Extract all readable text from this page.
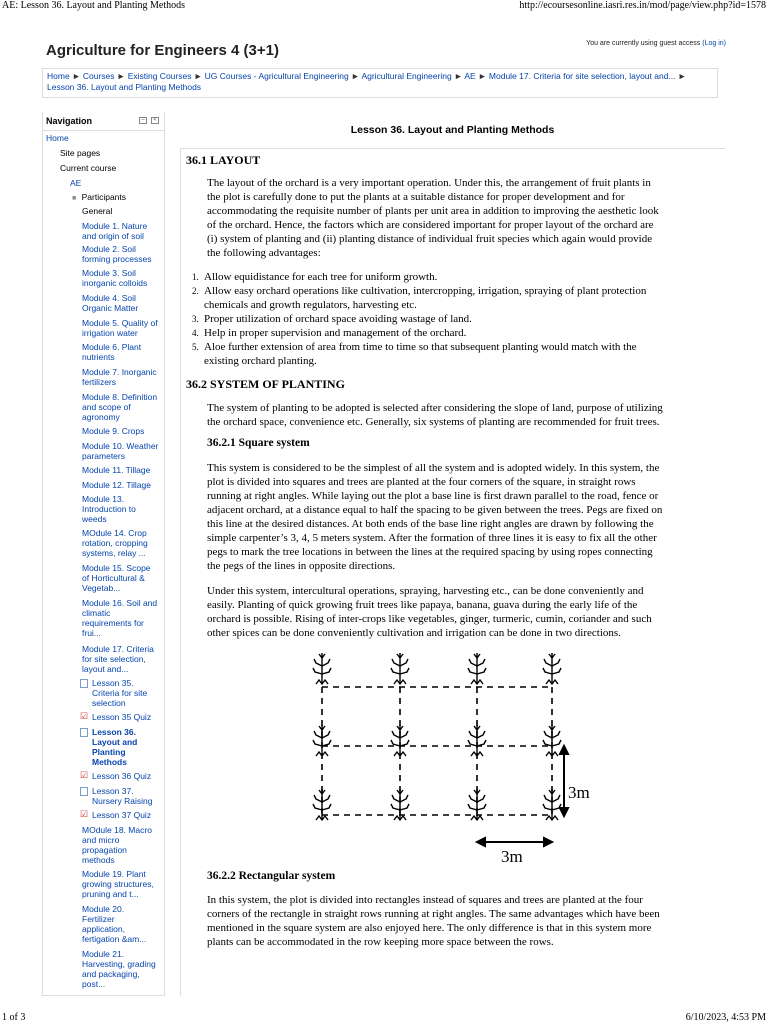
AE: Lesson 36. Layout and Planting Methods	http://ecoursesonline.iasri.res.in/mod/page/view.php?id=1578
1 of 3	6/10/2023, 4:53 PM
Agriculture for Engineers 4 (3+1)	You are currently using guest access (Log in)
Home ► Courses ► Existing Courses ► UG Courses - Agricultural Engineering ► Agricultural Engineering ► AE ► Module 17. Criteria for site selection, layout and... ►
Lesson 36. Layout and Planting Methods
Navigation	–	<
Home
Site pages
Current course
AE
■ Participants
General
Module 1. Nature
and origin of soil
Module 2. Soil
forming processes
Module 3. Soil
inorganic colloids
Module 4. Soil
Organic Matter
Module 5. Quality of
irrigation water
Module 6. Plant
nutrients
Module 7. Inorganic
fertilizers
Module 8. Definition
and scope of
agronomy
Module 9. Crops
Module 10. Weather
parameters
Module 11. Tillage
Module 12. Tillage
Module 13.
Introduction to
weeds
MOdule 14. Crop
rotation, cropping
systems, relay ...
Module 15. Scope
of Horticultural &
Vegetab...
Module 16. Soil and
climatic
requirements for
frui...
Module 17. Criteria
for site selection,
layout and...
Lesson 35.
Criteria for site
selection
☑ Lesson 35 Quiz
Lesson 36.
Layout and
Planting
Methods
☑ Lesson 36 Quiz
Lesson 37.
Nursery Raising
☑ Lesson 37 Quiz
MOdule 18. Macro
and micro
propagation
methods
Module 19. Plant
growing structures,
pruning and t...
Module 20.
Fertilizer
application,
fertigation &am...
Module 21.
Harvesting, grading
and packaging,
post...
Lesson 36. Layout and Planting Methods
36.1 LAYOUT
The layout of the orchard is a very important operation. Under this, the arrangement of fruit plants in
the plot is carefully done to put the plants at a suitable distance for proper development and for
accommodating the requisite number of plants per unit area in addition to improving the aesthetic look
of the orchard. Hence, the factors which are considered important for proper layout of the orchard are
(i) system of planting and (ii) planting distance of individual fruit species which again would provide
the following advantages:
1. Allow equidistance for each tree for uniform growth.
2. Allow easy orchard operations like cultivation, intercropping, irrigation, spraying of plant protection
chemicals and growth regulators, harvesting etc.
3. Proper utilization of orchard space avoiding wastage of land.
4. Help in proper supervision and management of the orchard.
5. Aloe further extension of area from time to time so that subsequent planting would match with the
existing orchard planting.
36.2 SYSTEM OF PLANTING
The system of planting to be adopted is selected after considering the slope of land, purpose of utilizing
the orchard space, convenience etc. Generally, six systems of planting are recommended for fruit trees.
36.2.1 Square system
This system is considered to be the simplest of all the system and is adopted widely. In this system, the
plot is divided into squares and trees are planted at the four corners of the square, in straight rows
running at right angles. While laying out the plot a base line is first drawn parallel to the road, fence or
adjacent orchard, at a distance equal to half the spacing to be given between the trees. Pegs are fixed on
this line at the desired distances. At both ends of the base line right angles are drawn by following the
simple carpenter’s 3, 4, 5 meters system. After the formation of three lines it is easy to fix all the other
pegs to mark the tree locations in between the lines at the required spacing by using ropes connecting
the pegs of the lines in opposite directions.
Under this system, intercultural operations, spraying, harvesting etc., can be done conveniently and
easily. Planting of quick growing fruit trees like papaya, banana, guava during the early life of the
orchard is possible. Rising of inter-crops like vegetables, ginger, turmeric, cumin, coriander and such
other spices can be done conveniently cultivation and irrigation can be done in two directions.
3m
3m
36.2.2 Rectangular system
In this system, the plot is divided into rectangles instead of squares and trees are planted at the four
corners of the rectangle in straight rows running at right angles. The same advantages which have been
mentioned in the square system are also enjoyed here. The only difference is that in this system more
plants can be accommodated in the row keeping more space between the rows.
